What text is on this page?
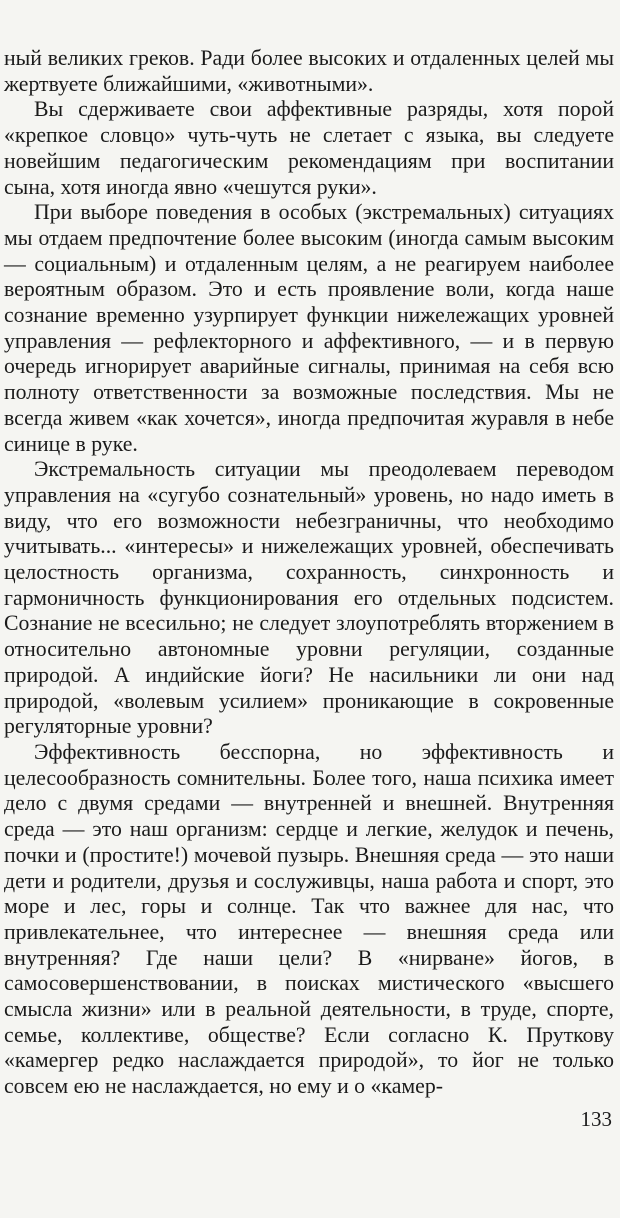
ный великих греков. Ради более высоких и отдаленных целей мы жертвуете ближайшими, «животными».

Вы сдерживаете свои аффективные разряды, хотя порой «крепкое словцо» чуть-чуть не слетает с языка, вы следуете новейшим педагогическим рекомендациям при воспитании сына, хотя иногда явно «чешутся руки».

При выборе поведения в особых (экстремальных) ситуациях мы отдаем предпочтение более высоким (иногда самым высоким — социальным) и отдаленным целям, а не реагируем наиболее вероятным образом. Это и есть проявление воли, когда наше сознание временно узурпирует функции нижележащих уровней управления — рефлекторного и аффективного, — и в первую очередь игнорирует аварийные сигналы, принимая на себя всю полноту ответственности за возможные последствия. Мы не всегда живем «как хочется», иногда предпочитая журавля в небе синице в руке.

Экстремальность ситуации мы преодолеваем переводом управления на «сугубо сознательный» уровень, но надо иметь в виду, что его возможности небезграничны, что необходимо учитывать... «интересы» и нижележащих уровней, обеспечивать целостность организма, сохранность, синхронность и гармоничность функционирования его отдельных подсистем. Сознание не всесильно; не следует злоупотреблять вторжением в относительно автономные уровни регуляции, созданные природой. А индийские йоги? Не насильники ли они над природой, «волевым усилием» проникающие в сокровенные регуляторные уровни?

Эффективность бесспорна, но эффективность и целесообразность сомнительны. Более того, наша психика имеет дело с двумя средами — внутренней и внешней. Внутренняя среда — это наш организм: сердце и легкие, желудок и печень, почки и (простите!) мочевой пузырь. Внешняя среда — это наши дети и родители, друзья и сослуживцы, наша работа и спорт, это море и лес, горы и солнце. Так что важнее для нас, что привлекательнее, что интереснее — внешняя среда или внутренняя? Где наши цели? В «нирване» йогов, в самосовершенствовании, в поисках мистического «высшего смысла жизни» или в реальной деятельности, в труде, спорте, семье, коллективе, обществе? Если согласно К. Пруткову «камергер редко наслаждается природой», то йог не только совсем ею не наслаждается, но ему и о «камер-

133
